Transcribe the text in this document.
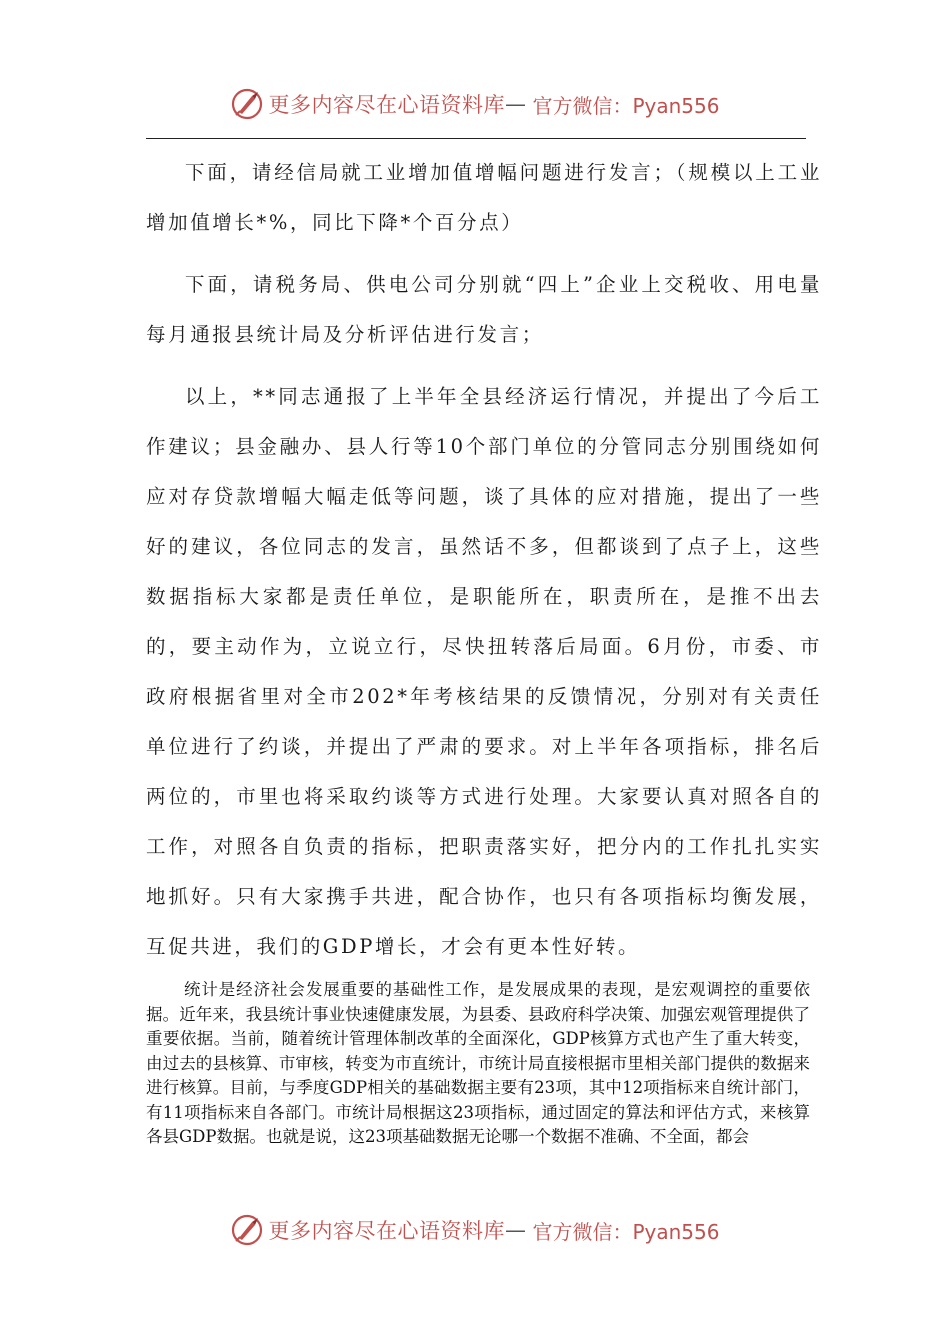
更多内容尽在心语资料库 — 官方微信：Pyan556

下面，请经信局就工业增加值增幅问题进行发言；（规模以上工业增加值增长*%，同比下降*个百分点）

下面，请税务局、供电公司分别就“四上”企业上交税收、用电量每月通报县统计局及分析评估进行发言；

以上，**同志通报了上半年全县经济运行情况，并提出了今后工作建议；县金融办、县人行等10个部门单位的分管同志分别围绕如何应对存贷款增幅大幅走低等问题，谈了具体的应对措施，提出了一些好的建议，各位同志的发言，虽然话不多，但都谈到了点子上，这些数据指标大家都是责任单位，是职能所在，职责所在，是推不出去的，要主动作为，立说立行，尽快扭转落后局面。6月份，市委、市政府根据省里对全市202*年考核结果的反馈情况，分别对有关责任单位进行了约谈，并提出了严肃的要求。对上半年各项指标，排名后两位的，市里也将采取约谈等方式进行处理。大家要认真对照各自的工作，对照各自负责的指标，把职责落实好，把分内的工作扎扎实实地抓好。只有大家携手共进，配合协作，也只有各项指标均衡发展，互促共进，我们的GDP增长，才会有更本性好转。

统计是经济社会发展重要的基础性工作，是发展成果的表现，是宏观调控的重要依据。近年来，我县统计事业快速健康发展，为县委、县政府科学决策、加强宏观管理提供了重要依据。当前，随着统计管理体制改革的全面深化，GDP核算方式也产生了重大转变，由过去的县核算、市审核，转变为市直统计，市统计局直接根据市里相关部门提供的数据来进行核算。目前，与季度GDP相关的基础数据主要有23项，其中12项指标来自统计部门，有11项指标来自各部门。市统计局根据这23项指标，通过固定的算法和评估方式，来核算各县GDP数据。也就是说，这23项基础数据无论哪一个数据不准确、不全面，都会

更多内容尽在心语资料库 — 官方微信：Pyan556
